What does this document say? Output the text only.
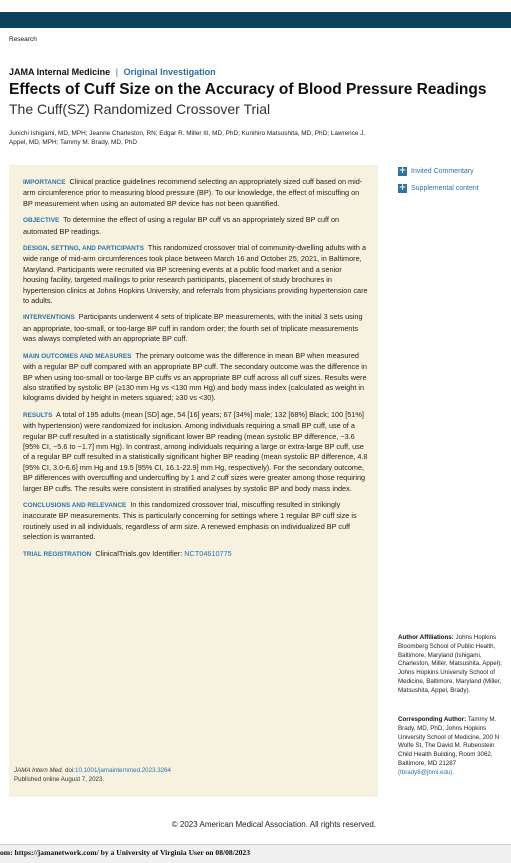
Research
JAMA Internal Medicine | Original Investigation
Effects of Cuff Size on the Accuracy of Blood Pressure Readings
The Cuff(SZ) Randomized Crossover Trial
Junichi Ishigami, MD, MPH; Jeanne Charleston, RN; Edgar R. Miller III, MD, PhD; Kunihiro Matsushita, MD, PhD; Lawrence J. Appel, MD, MPH; Tammy M. Brady, MD, PhD

IMPORTANCE Clinical practice guidelines recommend selecting an appropriately sized cuff based on mid-arm circumference prior to measuring blood pressure (BP). To our knowledge, the effect of miscuffing on BP measurement when using an automated BP device has not been quantified.

OBJECTIVE To determine the effect of using a regular BP cuff vs an appropriately sized BP cuff on automated BP readings.

DESIGN, SETTING, AND PARTICIPANTS This randomized crossover trial of community-dwelling adults with a wide range of mid-arm circumferences took place between March 16 and October 25, 2021, in Baltimore, Maryland. Participants were recruited via BP screening events at a public food market and a senior housing facility, targeted mailings to prior research participants, placement of study brochures in hypertension clinics at Johns Hopkins University, and referrals from physicians providing hypertension care to adults.

INTERVENTIONS Participants underwent 4 sets of triplicate BP measurements, with the initial 3 sets using an appropriate, too-small, or too-large BP cuff in random order; the fourth set of triplicate measurements was always completed with an appropriate BP cuff.

MAIN OUTCOMES AND MEASURES The primary outcome was the difference in mean BP when measured with a regular BP cuff compared with an appropriate BP cuff. The secondary outcome was the difference in BP when using too-small or too-large BP cuffs vs an appropriate BP cuff across all cuff sizes. Results were also stratified by systolic BP (≥130 mm Hg vs <130 mm Hg) and body mass index (calculated as weight in kilograms divided by height in meters squared; ≥30 vs <30).

RESULTS A total of 195 adults (mean [SD] age, 54 [16] years; 67 [34%] male; 132 [68%] Black; 100 [51%] with hypertension) were randomized for inclusion. Among individuals requiring a small BP cuff, use of a regular BP cuff resulted in a statistically significant lower BP reading (mean systolic BP difference, −3.6 [95% CI, −5.6 to −1.7] mm Hg). In contrast, among individuals requiring a large or extra-large BP cuff, use of a regular BP cuff resulted in a statistically significant higher BP reading (mean systolic BP difference, 4.8 [95% CI, 3.0-6.6] mm Hg and 19.5 [95% CI, 16.1-22.9] mm Hg, respectively). For the secondary outcome, BP differences with overcuffing and undercuffing by 1 and 2 cuff sizes were greater among those requiring larger BP cuffs. The results were consistent in stratified analyses by systolic BP and body mass index.

CONCLUSIONS AND RELEVANCE In this randomized crossover trial, miscuffing resulted in strikingly inaccurate BP measurements. This is particularly concerning for settings where 1 regular BP cuff size is routinely used in all individuals, regardless of arm size. A renewed emphasis on individualized BP cuff selection is warranted.

TRIAL REGISTRATION ClinicalTrials.gov Identifier: NCT04610775

JAMA Intern Med. doi:10.1001/jamainternmed.2023.3264
Published online August 7, 2023.
+ Invited Commentary
+ Supplemental content
Author Affiliations: Johns Hopkins Bloomberg School of Public Health, Baltimore, Maryland (Ishigami, Charleston, Miller, Matsushita, Appel); Johns Hopkins University School of Medicine, Baltimore, Maryland (Miller, Matsushita, Appel, Brady).
Corresponding Author: Tammy M. Brady, MD, PhD, Johns Hopkins University School of Medicine, 200 N Wolfe St, The David M. Rubenstein Child Health Building, Room 3062, Baltimore, MD 21287 (tbrady8@jhmi.edu).
© 2023 American Medical Association. All rights reserved.
om: https://jamanetwork.com/ by a University of Virginia User on 08/08/2023
